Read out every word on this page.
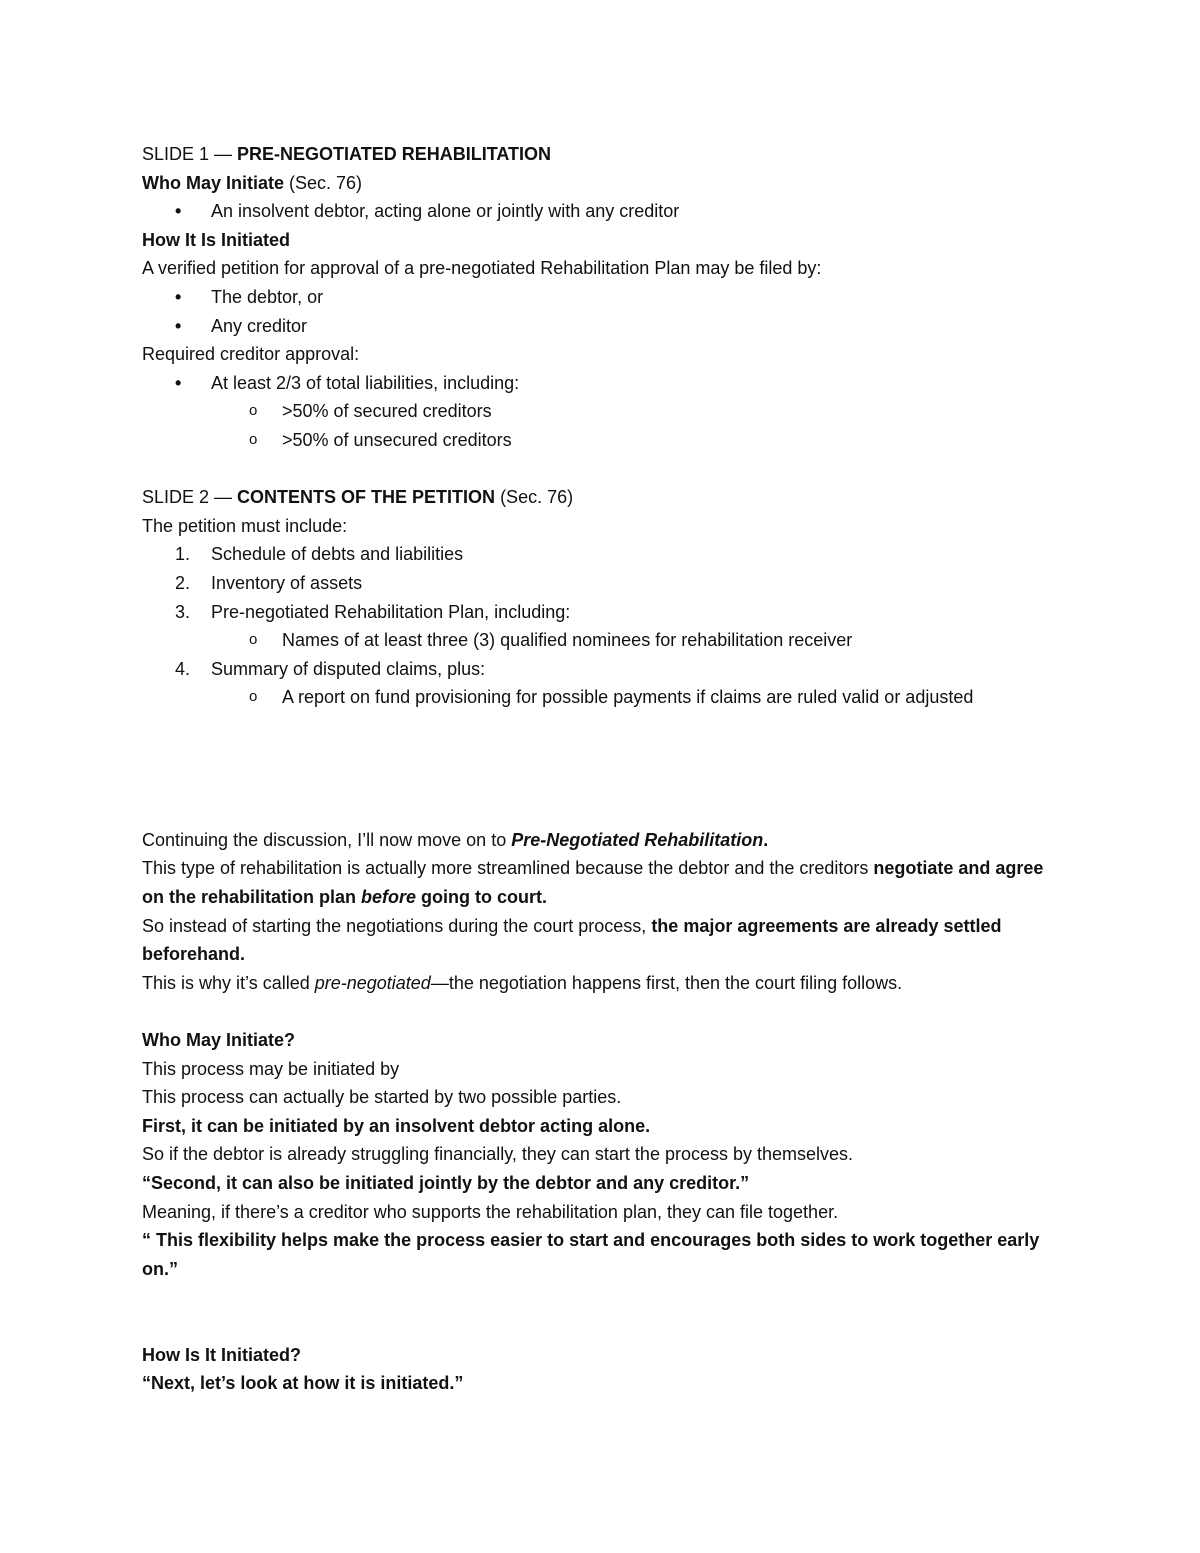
SLIDE 1 — PRE-NEGOTIATED REHABILITATION
Who May Initiate (Sec. 76)
• An insolvent debtor, acting alone or jointly with any creditor
How It Is Initiated
A verified petition for approval of a pre-negotiated Rehabilitation Plan may be filed by:
• The debtor, or
• Any creditor
Required creditor approval:
• At least 2/3 of total liabilities, including:
o >50% of secured creditors
o >50% of unsecured creditors
SLIDE 2 — CONTENTS OF THE PETITION (Sec. 76)
The petition must include:
1. Schedule of debts and liabilities
2. Inventory of assets
3. Pre-negotiated Rehabilitation Plan, including:
o Names of at least three (3) qualified nominees for rehabilitation receiver
4. Summary of disputed claims, plus:
o A report on fund provisioning for possible payments if claims are ruled valid or adjusted
Continuing the discussion, I’ll now move on to Pre-Negotiated Rehabilitation.
This type of rehabilitation is actually more streamlined because the debtor and the creditors negotiate and agree on the rehabilitation plan before going to court.
So instead of starting the negotiations during the court process, the major agreements are already settled beforehand.
This is why it’s called pre-negotiated—the negotiation happens first, then the court filing follows.
Who May Initiate?
This process may be initiated by
This process can actually be started by two possible parties.
First, it can be initiated by an insolvent debtor acting alone.
So if the debtor is already struggling financially, they can start the process by themselves.
“Second, it can also be initiated jointly by the debtor and any creditor.”
Meaning, if there’s a creditor who supports the rehabilitation plan, they can file together.
“ This flexibility helps make the process easier to start and encourages both sides to work together early on.”
How Is It Initiated?
“Next, let’s look at how it is initiated.”
